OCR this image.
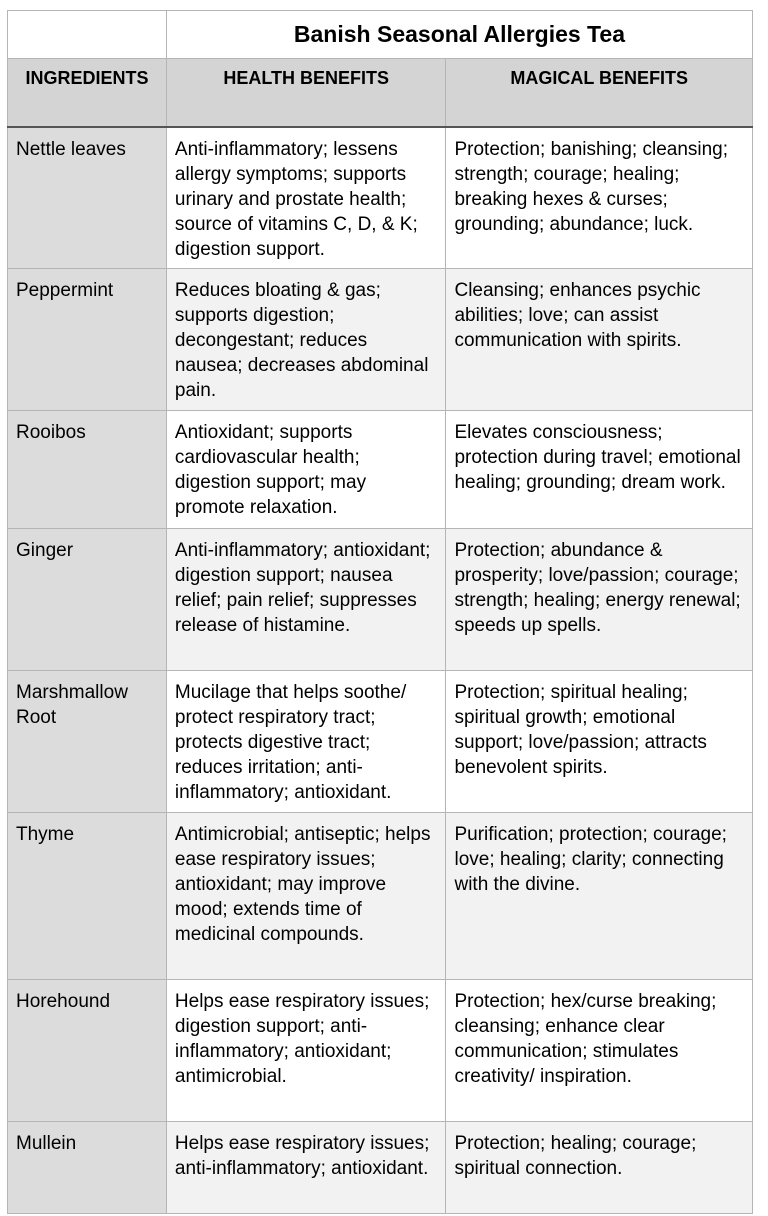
	Banish Seasonal Allergies Tea	
INGREDIENTS	HEALTH BENEFITS	MAGICAL BENEFITS
Nettle leaves	Anti-inflammatory; lessens allergy symptoms; supports urinary and prostate health; source of vitamins C, D, & K; digestion support.	Protection; banishing; cleansing; strength; courage; healing; breaking hexes & curses; grounding; abundance; luck.
Peppermint	Reduces bloating & gas; supports digestion; decongestant; reduces nausea; decreases abdominal pain.	Cleansing; enhances psychic abilities; love; can assist communication with spirits.
Rooibos	Antioxidant; supports cardiovascular health; digestion support; may promote relaxation.	Elevates consciousness; protection during travel; emotional healing; grounding; dream work.
Ginger	Anti-inflammatory; antioxidant; digestion support; nausea relief; pain relief; suppresses release of histamine.	Protection; abundance & prosperity; love/passion; courage; strength; healing; energy renewal; speeds up spells.
Marshmallow Root	Mucilage that helps soothe/ protect respiratory tract; protects digestive tract; reduces irritation; anti-inflammatory; antioxidant.	Protection; spiritual healing; spiritual growth; emotional support; love/passion; attracts benevolent spirits.
Thyme	Antimicrobial; antiseptic; helps ease respiratory issues; antioxidant; may improve mood; extends time of medicinal compounds.	Purification; protection; courage; love; healing; clarity; connecting with the divine.
Horehound	Helps ease respiratory issues; digestion support; anti-inflammatory; antioxidant; antimicrobial.	Protection; hex/curse breaking; cleansing; enhance clear communication; stimulates creativity/ inspiration.
Mullein	Helps ease respiratory issues; anti-inflammatory; antioxidant.	Protection; healing; courage; spiritual connection.
